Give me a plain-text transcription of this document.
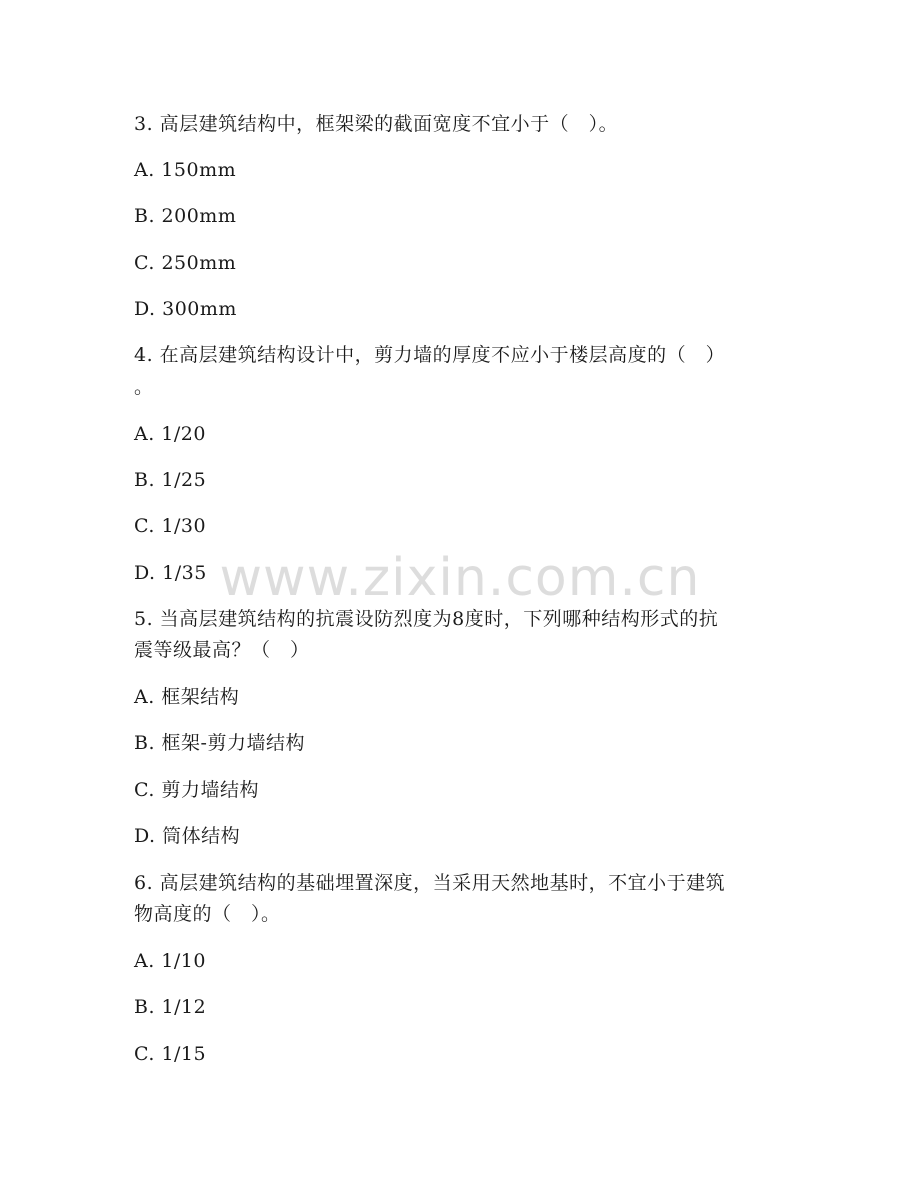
3. 高层建筑结构中，框架梁的截面宽度不宜小于（　）。
A. 150mm
B. 200mm
C. 250mm
D. 300mm
4. 在高层建筑结构设计中，剪力墙的厚度不应小于楼层高度的（　）
。
A. 1/20
B. 1/25
C. 1/30
D. 1/35
5. 当高层建筑结构的抗震设防烈度为8度时，下列哪种结构形式的抗
震等级最高？（　）
A. 框架结构
B. 框架-剪力墙结构
C. 剪力墙结构
D. 筒体结构
6. 高层建筑结构的基础埋置深度，当采用天然地基时，不宜小于建筑
物高度的（　）。
A. 1/10
B. 1/12
C. 1/15
www.zixin.com.cn
